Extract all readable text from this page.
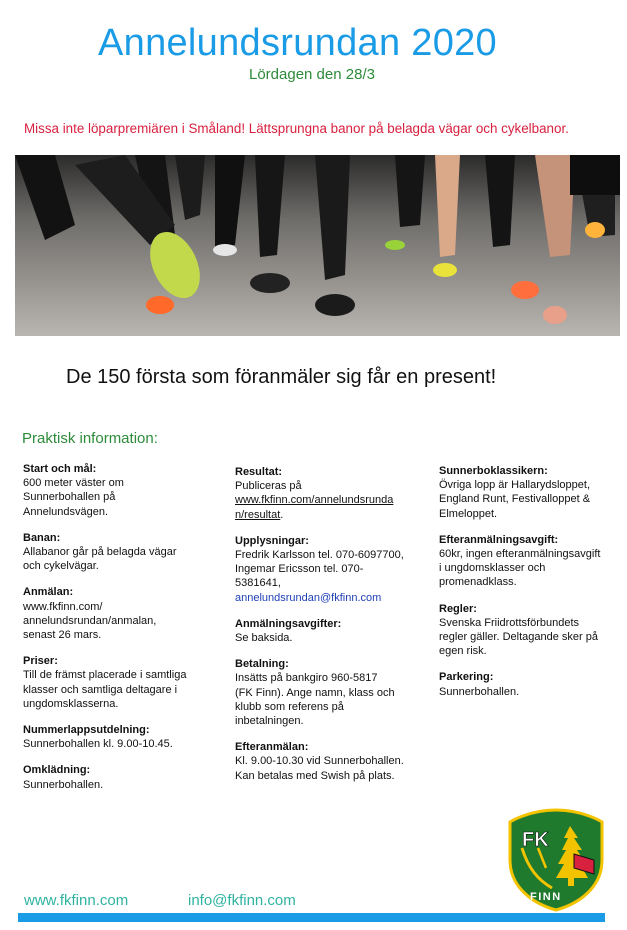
Annelundsrundan 2020
Lördagen den 28/3
Missa inte löparpremiären i Småland! Lättsprungna banor på belagda vägar och cykelbanor.
De 150 första som föranmäler sig får en present!
Praktisk information:
Start och mål:
600 meter väster om
Sunnerbohallen på
Annelundsvägen.
Banan:
Allabanor går på belagda vägar
och cykelvägar.
Anmälan:
www.fkfinn.com/
annelundsrundan/anmalan,
senast 26 mars.
Priser:
Till de främst placerade i samtliga
klasser och samtliga deltagare i
ungdomsklasserna.
Nummerlappsutdelning:
Sunnerbohallen kl. 9.00-10.45.
Omklädning:
Sunnerbohallen.
Resultat:
Publiceras på
www.fkfinn.com/annelundsrunda
n/resultat.
Upplysningar:
Fredrik Karlsson tel. 070-6097700,
Ingemar Ericsson tel. 070-
5381641,
annelundsrundan@fkfinn.com
Anmälningsavgifter:
Se baksida.
Betalning:
Insätts på bankgiro 960-5817
(FK Finn). Ange namn, klass och
klubb som referens på
inbetalningen.
Efteranmälan:
Kl. 9.00-10.30 vid Sunnerbohallen.
Kan betalas med Swish på plats.
Sunnerboklassikern:
Övriga lopp är Hallarydsloppet,
England Runt, Festivalloppet &
Elmeloppet.
Efteranmälningsavgift:
60kr, ingen efteranmälningsavgift
i ungdomsklasser och
promenadklass.
Regler:
Svenska Friidrottsförbundets
regler gäller. Deltagande sker på
egen risk.
Parkering:
Sunnerbohallen.
FK
FINN
www.fkfinn.com	info@fkfinn.com
